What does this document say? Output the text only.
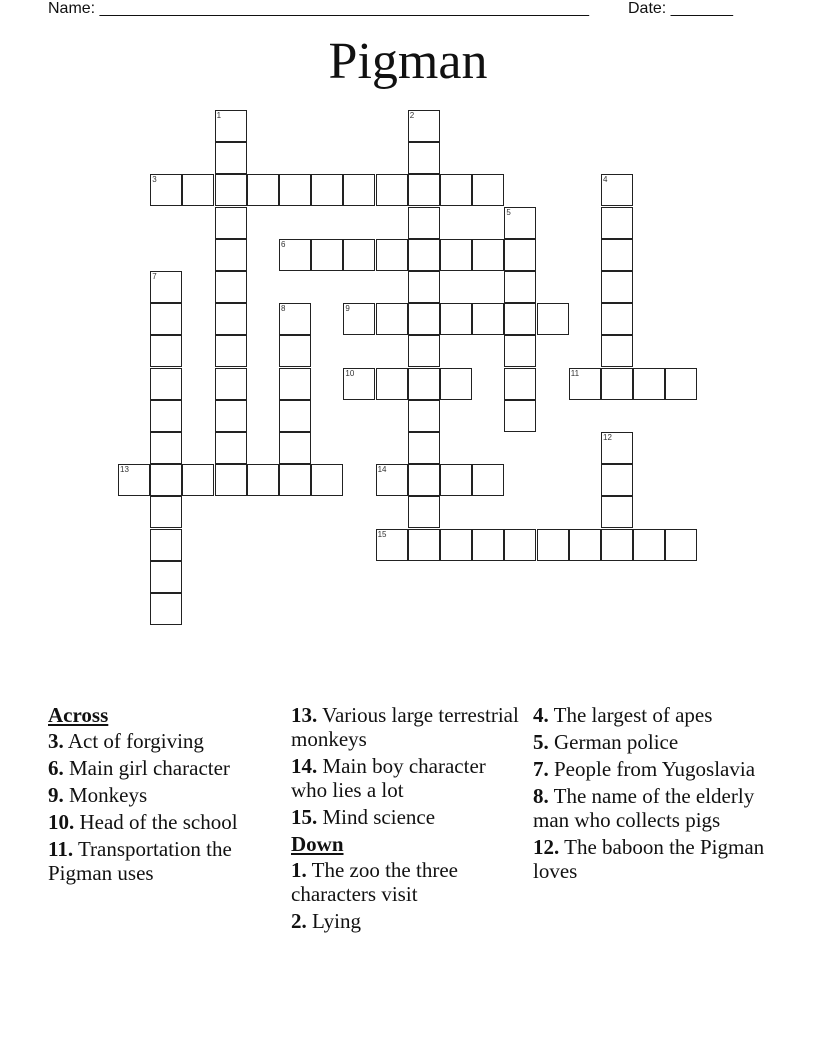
Name: _______________________________________________________ Date: _______
Pigman
1	2
3	4
5
6
7
8	9
10	11
12
13	14
15
Across
3. Act of forgiving
6. Main girl character
9. Monkeys
10. Head of the school
11. Transportation the Pigman uses
13. Various large terrestrial monkeys
14. Main boy character who lies a lot
15. Mind science
Down
1. The zoo the three characters visit
2. Lying
4. The largest of apes
5. German police
7. People from Yugoslavia
8. The name of the elderly man who collects pigs
12. The baboon the Pigman loves
